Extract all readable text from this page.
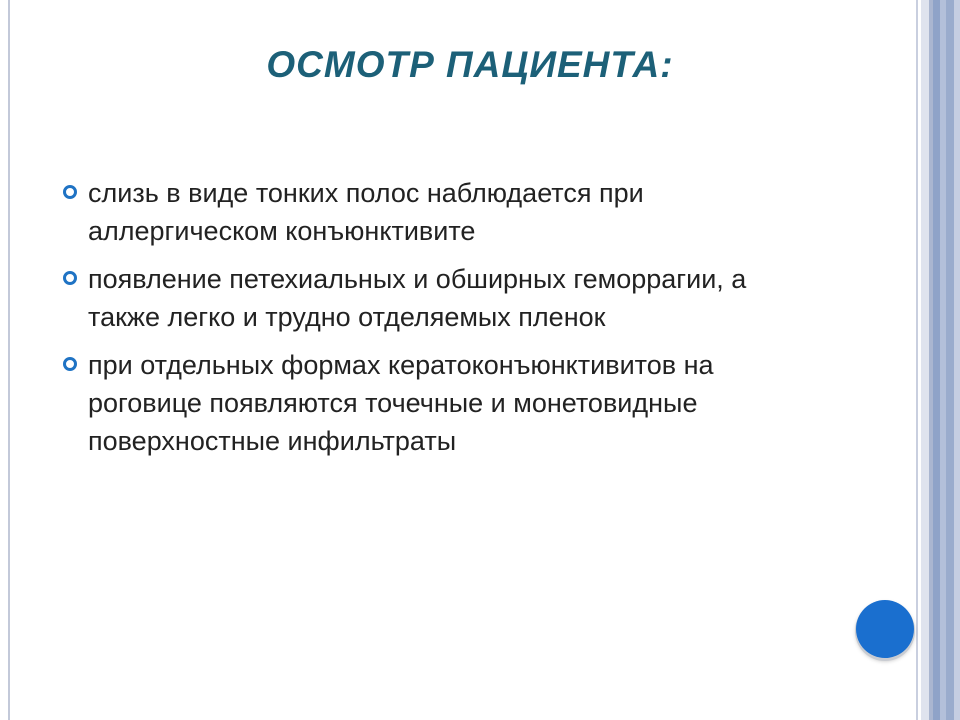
ОСМОТР ПАЦИЕНТА:
слизь в виде тонких полос наблюдается при аллергическом конъюнктивите
появление петехиальных и обширных геморрагии, а также легко и трудно отделяемых пленок
при отдельных формах кератоконъюнктивитов на роговице появляются точечные и монетовидные поверхностные инфильтраты
